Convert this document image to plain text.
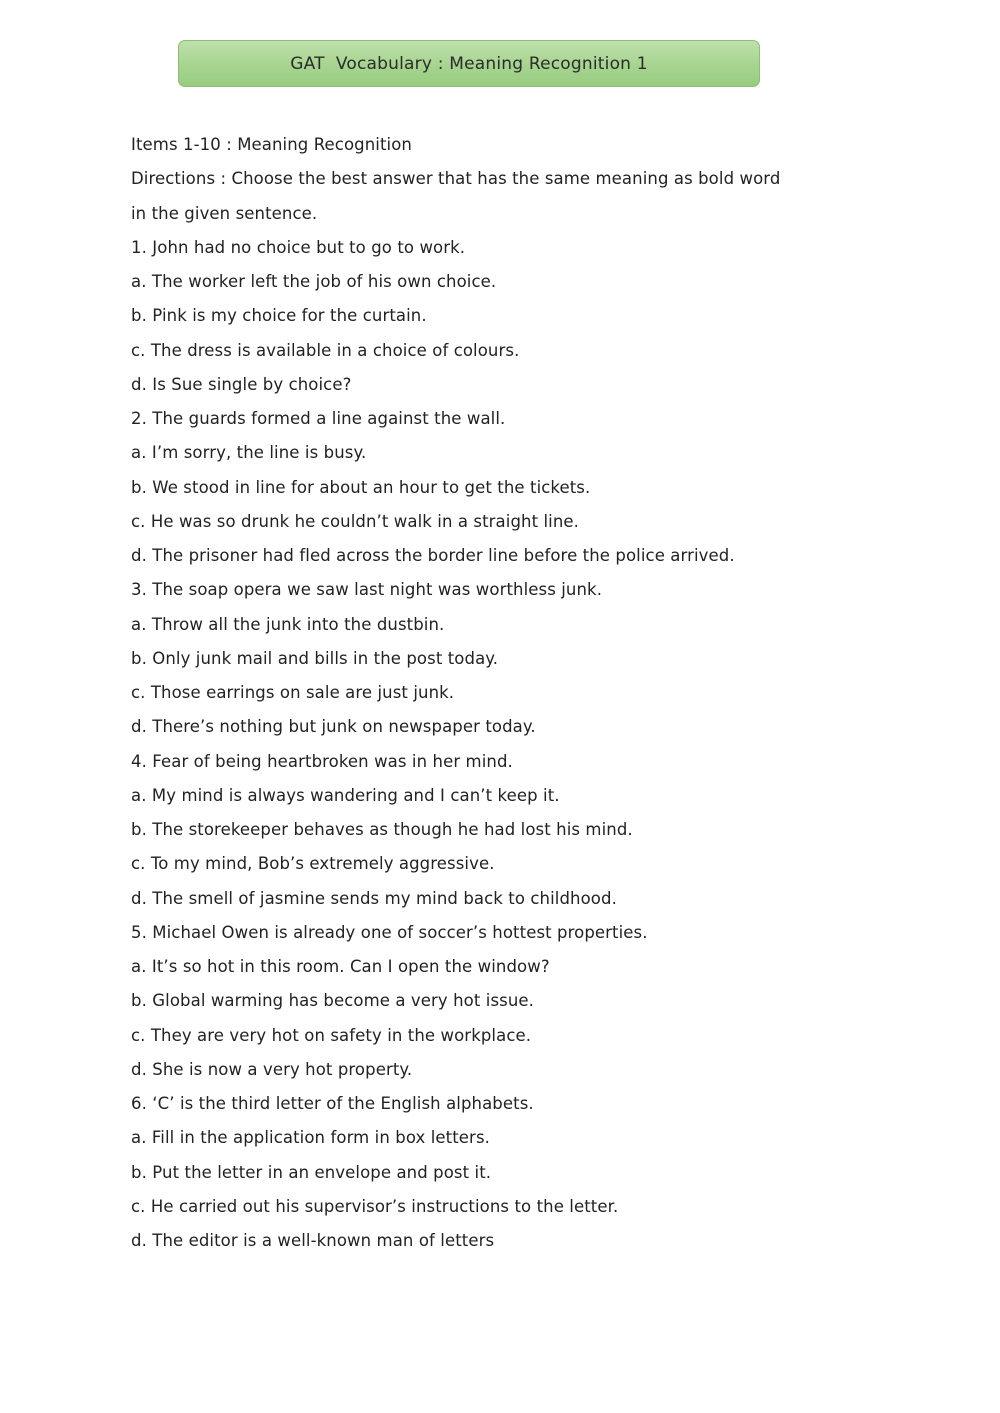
GAT  Vocabulary : Meaning Recognition 1
Items 1-10 : Meaning Recognition
Directions : Choose the best answer that has the same meaning as bold word
in the given sentence.
1. John had no choice but to go to work.
a. The worker left the job of his own choice.
b. Pink is my choice for the curtain.
c. The dress is available in a choice of colours.
d. Is Sue single by choice?
2. The guards formed a line against the wall.
a. I’m sorry, the line is busy.
b. We stood in line for about an hour to get the tickets.
c. He was so drunk he couldn’t walk in a straight line.
d. The prisoner had fled across the border line before the police arrived.
3. The soap opera we saw last night was worthless junk.
a. Throw all the junk into the dustbin.
b. Only junk mail and bills in the post today.
c. Those earrings on sale are just junk.
d. There’s nothing but junk on newspaper today.
4. Fear of being heartbroken was in her mind.
a. My mind is always wandering and I can’t keep it.
b. The storekeeper behaves as though he had lost his mind.
c. To my mind, Bob’s extremely aggressive.
d. The smell of jasmine sends my mind back to childhood.
5. Michael Owen is already one of soccer’s hottest properties.
a. It’s so hot in this room. Can I open the window?
b. Global warming has become a very hot issue.
c. They are very hot on safety in the workplace.
d. She is now a very hot property.
6. ‘C’ is the third letter of the English alphabets.
a. Fill in the application form in box letters.
b. Put the letter in an envelope and post it.
c. He carried out his supervisor’s instructions to the letter.
d. The editor is a well-known man of letters
